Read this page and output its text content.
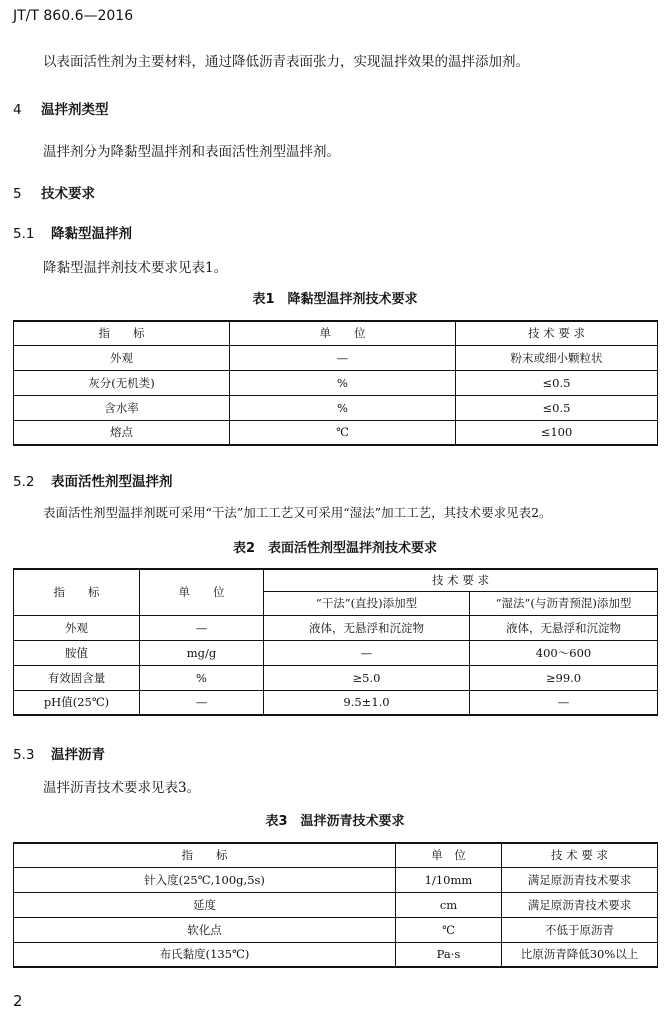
JT/T 860.6—2016
以表面活性剂为主要材料，通过降低沥青表面张力，实现温拌效果的温拌添加剂。
4 温拌剂类型
温拌剂分为降黏型温拌剂和表面活性剂型温拌剂。
5 技术要求
5.1 降黏型温拌剂
降黏型温拌剂技术要求见表1。
表1　降黏型温拌剂技术要求
指　　标	单　　位	技 术 要 求
外观	—	粉末或细小颗粒状
灰分(无机类)	%	≤0.5
含水率	%	≤0.5
熔点	℃	≤100
5.2 表面活性剂型温拌剂
表面活性剂型温拌剂既可采用“干法”加工工艺又可采用“湿法”加工工艺，其技术要求见表2。
表2　表面活性剂型温拌剂技术要求
指　　标	单　　位	技 术 要 求	
		“干法”(直投)添加型	“湿法”(与沥青预混)添加型
外观	—	液体，无悬浮和沉淀物	液体，无悬浮和沉淀物
胺值	mg/g	—	400～600
有效固含量	%	≥5.0	≥99.0
pH值(25℃)	—	9.5±1.0	—
5.3 温拌沥青
温拌沥青技术要求见表3。
表3　温拌沥青技术要求
指　　标	单　位	技 术 要 求
针入度(25℃,100g,5s)	1/10mm	满足原沥青技术要求
延度	cm	满足原沥青技术要求
软化点	℃	不低于原沥青
布氏黏度(135℃)	Pa·s	比原沥青降低30%以上
2
